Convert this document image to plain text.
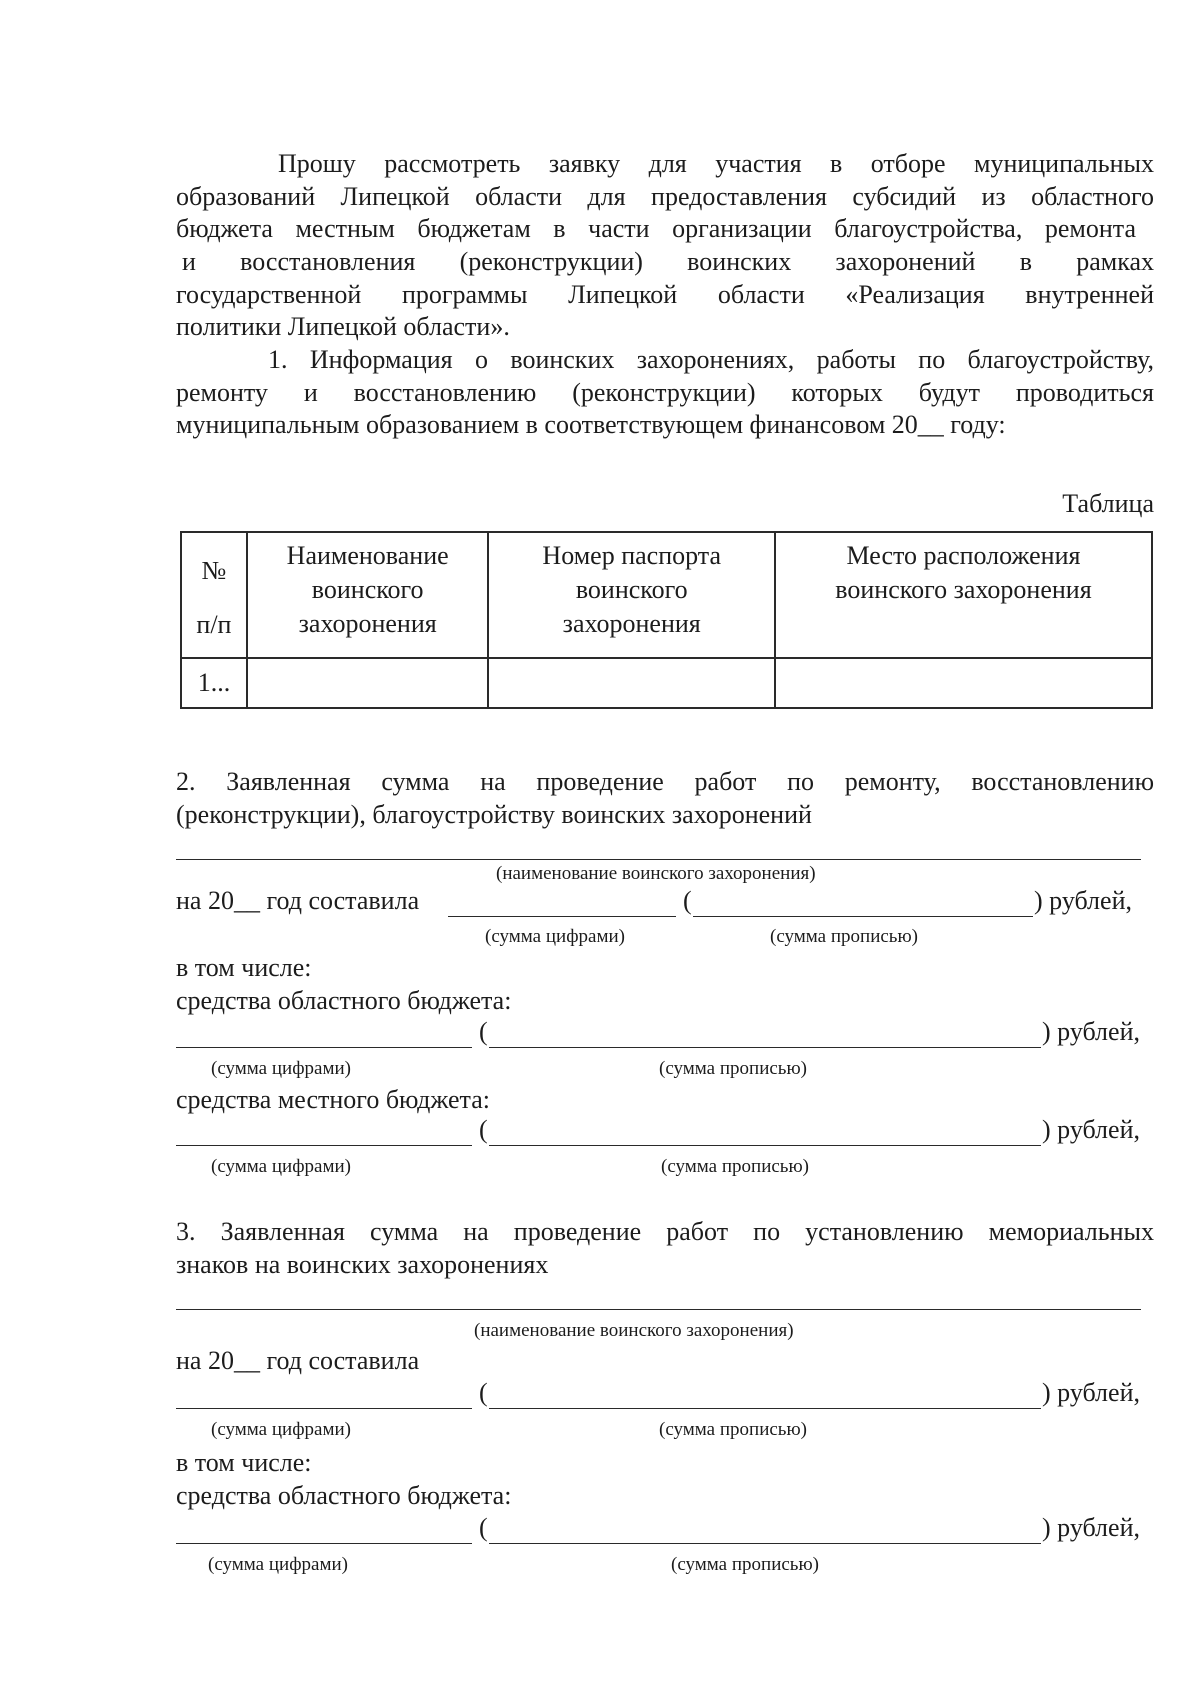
Прошу рассмотреть заявку для участия в отборе муниципальных
образований Липецкой области для предоставления субсидий из областного
бюджета местным бюджетам в части организации благоустройства, ремонта
и восстановления (реконструкции) воинских захоронений в рамках
государственной программы Липецкой области «Реализация внутренней
политики Липецкой области».
1. Информация о воинских захоронениях, работы по благоустройству,
ремонту и восстановлению (реконструкции) которых будут проводиться
муниципальным образованием в соответствующем финансовом 20__ году:
Таблица
№
п/п	Наименование воинского захоронения	Номер паспорта воинского захоронения	Место расположения воинского захоронения
1...			
2. Заявленная сумма на проведение работ по ремонту, восстановлению
(реконструкции), благоустройству воинских захоронений
(наименование воинского захоронения)
на 20__ год составила	(	) рублей,
(сумма цифрами)	(сумма прописью)
в том числе:
средства областного бюджета:
(	) рублей,
(сумма цифрами)	(сумма прописью)
средства местного бюджета:
(	) рублей,
(сумма цифрами)	(сумма прописью)
3. Заявленная сумма на проведение работ по установлению мемориальных
знаков на воинских захоронениях
(наименование воинского захоронения)
на 20__ год составила
(	) рублей,
(сумма цифрами)	(сумма прописью)
в том числе:
средства областного бюджета:
(	) рублей,
(сумма цифрами)	(сумма прописью)
